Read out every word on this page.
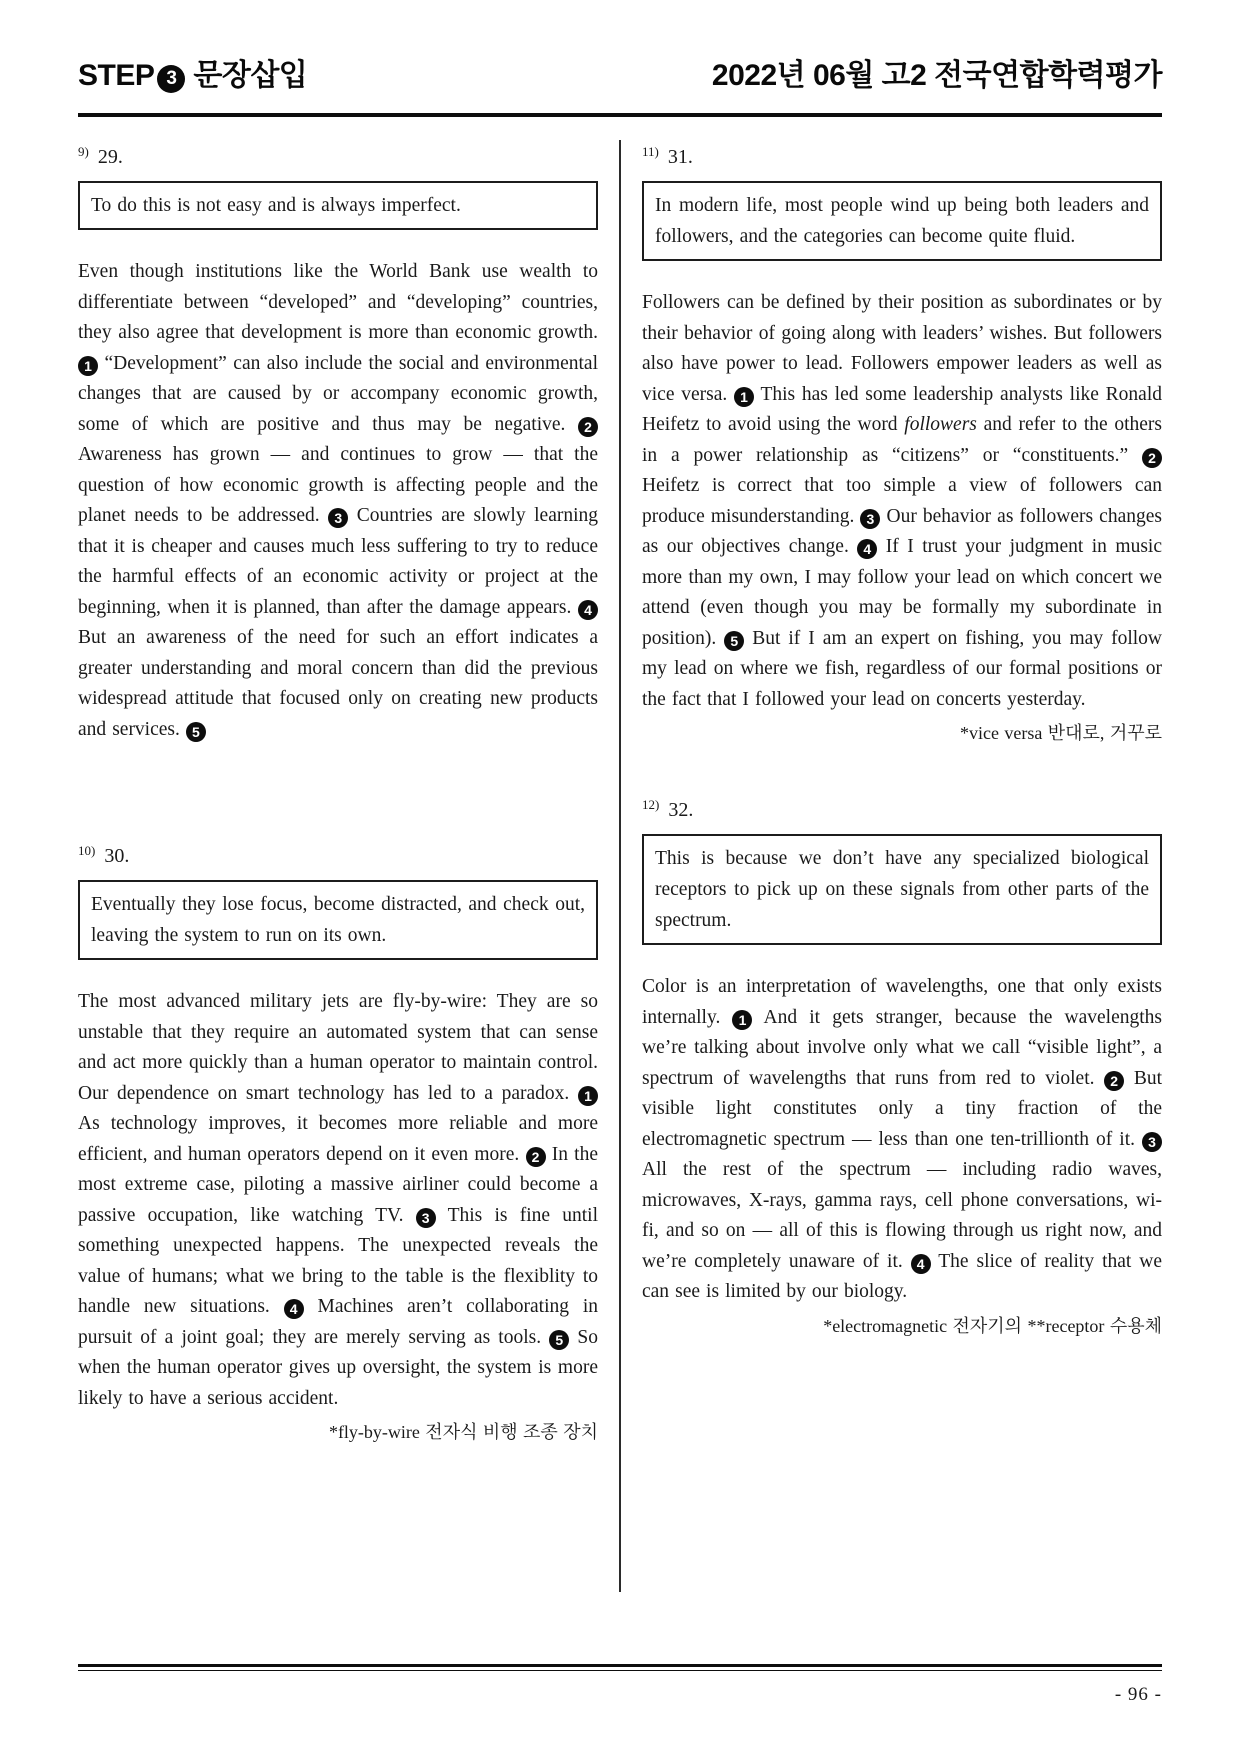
STEP 3 문장삽입	2022년 06월 고2 전국연합학력평가
$^{9)}$ 29.
To do this is not easy and is always imperfect.

Even though institutions like the World Bank use wealth to differentiate between “developed” and “developing” countries, they also agree that development is more than economic growth. 1 “Development” can also include the social and environmental changes that are caused by or accompany economic growth, some of which are positive and thus may be negative. 2 Awareness has grown — and continues to grow — that the question of how economic growth is affecting people and the planet needs to be addressed. 3 Countries are slowly learning that it is cheaper and causes much less suffering to try to reduce the harmful effects of an economic activity or project at the beginning, when it is planned, than after the damage appears. 4 But an awareness of the need for such an effort indicates a greater understanding and moral concern than did the previous widespread attitude that focused only on creating new products and services. 5

$^{10)}$ 30.
Eventually they lose focus, become distracted, and check out, leaving the system to run on its own.

The most advanced military jets are fly-by-wire: They are so unstable that they require an automated system that can sense and act more quickly than a human operator to maintain control. Our dependence on smart technology has led to a paradox. 1 As technology improves, it becomes more reliable and more efficient, and human operators depend on it even more. 2 In the most extreme case, piloting a massive airliner could become a passive occupation, like watching TV. 3 This is fine until something unexpected happens. The unexpected reveals the value of humans; what we bring to the table is the flexiblity to handle new situations. 4 Machines aren’t collaborating in pursuit of a joint goal; they are merely serving as tools. 5 So when the human operator gives up oversight, the system is more likely to have a serious accident.

*fly-by-wire 전자식 비행 조종 장치
$^{11)}$ 31.
In modern life, most people wind up being both leaders and followers, and the categories can become quite fluid.

Followers can be defined by their position as subordinates or by their behavior of going along with leaders’ wishes. But followers also have power to lead. Followers empower leaders as well as vice versa. 1 This has led some leadership analysts like Ronald Heifetz to avoid using the word followers and refer to the others in a power relationship as “citizens” or “constituents.” 2 Heifetz is correct that too simple a view of followers can produce misunderstanding. 3 Our behavior as followers changes as our objectives change. 4 If I trust your judgment in music more than my own, I may follow your lead on which concert we attend (even though you may be formally my subordinate in position). 5 But if I am an expert on fishing, you may follow my lead on where we fish, regardless of our formal positions or the fact that I followed your lead on concerts yesterday.

*vice versa 반대로, 거꾸로
$^{12)}$ 32.
This is because we don’t have any specialized biological receptors to pick up on these signals from other parts of the spectrum.

Color is an interpretation of wavelengths, one that only exists internally. 1 And it gets stranger, because the wavelengths we’re talking about involve only what we call “visible light”, a spectrum of wavelengths that runs from red to violet. 2 But visible light constitutes only a tiny fraction of the electromagnetic spectrum — less than one ten-trillionth of it. 3 All the rest of the spectrum — including radio waves, microwaves, X-rays, gamma rays, cell phone conversations, wi-fi, and so on — all of this is flowing through us right now, and we’re completely unaware of it. 4 The slice of reality that we can see is limited by our biology.

*electromagnetic 전자기의 **receptor 수용체
- 96 -
